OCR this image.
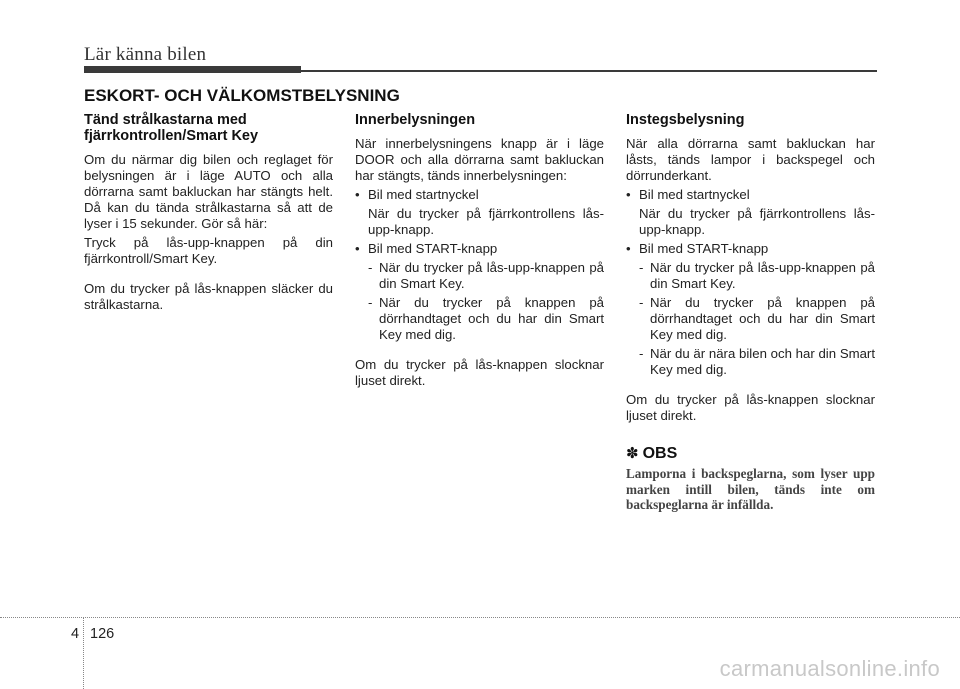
Lär känna bilen
ESKORT- OCH VÄLKOMSTBELYSNING
Tänd strålkastarna med fjärrkontrollen/Smart Key

Om du närmar dig bilen och reglaget för belysningen är i läge AUTO och alla dörrarna samt bakluckan har stängts helt. Då kan du tända strålkastarna så att de lyser i 15 sekunder. Gör så här:

Tryck på lås-upp-knappen på din fjärrkontroll/Smart Key.

Om du trycker på lås-knappen släcker du strålkastarna.

Innerbelysningen

När innerbelysningens knapp är i läge DOOR och alla dörrarna samt bakluckan har stängts, tänds innerbelysningen:

• Bil med startnyckel

När du trycker på fjärrkontrollens lås-upp-knapp.

• Bil med START-knapp

- När du trycker på lås-upp-knappen på din Smart Key.

- När du trycker på knappen på dörrhandtaget och du har din Smart Key med dig.

Om du trycker på lås-knappen slocknar ljuset direkt.

Instegsbelysning

När alla dörrarna samt bakluckan har låsts, tänds lampor i backspegel och dörrunderkant.

• Bil med startnyckel

När du trycker på fjärrkontrollens lås-upp-knapp.

• Bil med START-knapp

- När du trycker på lås-upp-knappen på din Smart Key.

- När du trycker på knappen på dörrhandtaget och du har din Smart Key med dig.

- När du är nära bilen och har din Smart Key med dig.

Om du trycker på lås-knappen slocknar ljuset direkt.

✽ OBS

Lamporna i backspeglarna, som lyser upp marken intill bilen, tänds inte om backspeglarna är infällda.

4 126
carmanualsonline.info
